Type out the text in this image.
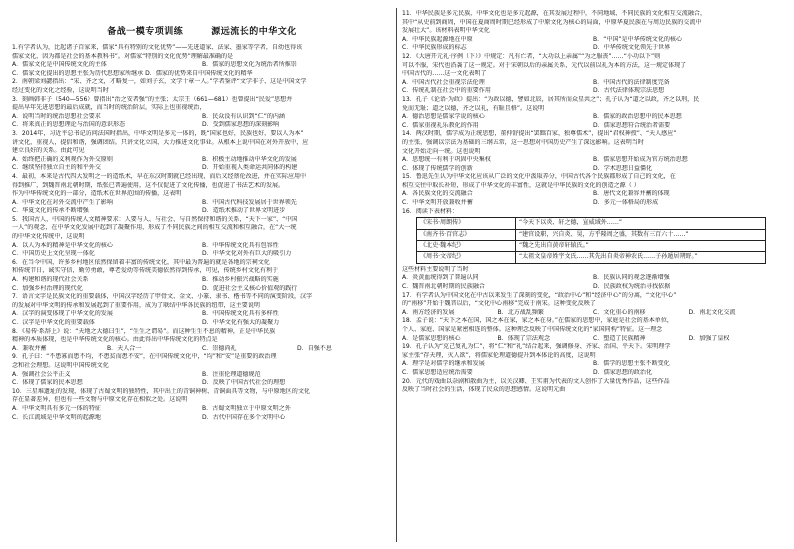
备战一模专项训练	源远流长的中华文化
1.有学者认为，比起诸子百家来，儒家“具有特别的文化优势”——先进道家、法家、墨家等学者，自幼也得该
儒家文化，因为都是社会的基本教科书”。对儒家“特别的文化优势”理解最准确的是
A．儒家文化是中国传统文化的主体	B．儒家的思想文化为统治者所推崇
C．儒家文化提出的思想主张为历代思想家所继承 D．儒家的优势来自中国传统文化的精华
2．南朝梁刘勰指出：“宋、齐之文，才略复一，如刘子玄，文学十章一人。”学者鉴评“文学非子、这是中国文学
经过变化的文化之经验，这说明当时
3．刻画韩非子（540—556）曾指出“治之安者强”的主张；太宗王（661—681）也曾提出“民爱”思想并
提出早年先进思想的最后成就，而当时的统治阶层，实际上也重视统治，
A．说明当时的统治思想社会要求	B．民众没有认识到“仁”的内涵
C．将来真正的思想理论与治国的意识形态	D．受到儒家思想的深刻影响
3．2014年，习近平总书记访问法国时指出，中华文明是多元一体的，既“国家也好，民族也好，要以人为本”
讲文化，重视人，提倡和谐，强调团结。只讲文化立国，大力推进文化事业。从根本上说中国在对外开放中，应
建立良好的关系。由此可见
A．始终把正确的义利观作为外交原则	B．积极主动地推动中华文化的发展
C．继续坚持独立自主的和平外交	D．开始重视人类命运共同体的构建
4．最初，本来是古代四大发明之一的造纸术，早在东汉时期就已经出现，而后又经蔡伦改进，并在实际应用中
得到推广，到魏晋南北朝时期，纸张已普遍使用，这不仅促进了文化传播，也促进了书法艺术的发展。
作为中华传统文化的一部分，造纸术在世界范围的传播，这表明
A．中华文化在对外交流中产生了影响	B．中国古代科技发展居于世界领先
C．华夏文化的传承不断增强	D．造纸术推动了世界文明进步
5．我国古人，中国的传统人文精神要求：人要与人、与社会、与自然保持和谐的关系，“天下一家”、“中国
一人”的观念，在中华文化发展中起到了凝聚作用，形成了不同民族之间的相互交流和相互融合，在“大一统
的中华文化传统中，这说明
A．以人为本的精神是中华文化的核心	B．中华传统文化具有包容性
C．中国历史上文化呈现一体化	D．中华文化对外有巨大的吸引力
6．在当今中国，许多乡村地区依然保留着丰富的传统文化，其中最为普遍的就是各地的宗祠文化
和传统节日，诚实守信，勤劳勇敢，尊老爱幼等传统美德依然得到传承，可见，传统乡村文化有利于
A．构建和谐的现代社会关系	B．推动乡村振兴战略的实施
C．加强乡村治理的现代化	D．促进社会主义核心价值观的践行
7．语言文字是民族文化的重要载体，中国汉字经历了甲骨文、金文、小篆、隶书、楷书等不同的演变阶段，汉字
的发展对中华文明的传承和发展起到了重要作用，成为了联结中华各民族的纽带，这主要说明
A．汉字的演变体现了中华文化的发展	B．中国传统文化具有多样性
C．汉字是中华文化的重要载体	D．中华文化有强大的凝聚力
8．《易传·系辞上》说：“天地之大德曰生”，“生生之谓易”。而这种生生不息的精神，正是中华民族
精神的本质体现，也是中华传统文化的核心。由此得出中华传统文化的特点是
A．兼收并蓄	B．天人合一	C．崇德尚礼	D．自强不息
9．孔子曰：“不患寡而患不均，不患贫而患不安”，在中国传统文化中，“均”和“安”是重要的政治理
念和社会理想。这说明中国传统文化
A．强调社会公平正义	B．注重伦理道德规范
C．体现了儒家的民本思想	D．反映了中国古代社会的理想
10．三星堆遗址的发现，体现了古蜀文明的独特性，其中出土的青铜神树、青铜面具等文物，与中原地区的文化
存在显著差异，但也有一些文物与中原文化存在相似之处。这说明
A．中华文明具有多元一体的特征	B．古蜀文明独立于中原文明之外
C．长江流域是中华文明的起源地	D．古代中国存在多个文明中心
11．中华民族是多元民族，中华文化也是多元起源，在其发展过程中，不同地域、不同民族的文化相互交流融合，
其中“从史前到商周，中国在夏商周时期已经形成了中原文化为核心的局面，中原华夏民族在与周边民族的交流中
发展壮大”。该材料表明中华文化
A．中华民族起源地在中原	B．“中国”是中华传统文化的核心
C．中华民族形成的标志	D．中华传统文化领先于世界
12．《大唐开元礼·序例（下）》中规定：凡有亡者，“大功以上亲属”“为之服丧”……“小功以下”则
可以不服，宋代也沿袭了这一规定。对于宋朝以后的亲属关系，元代以前以礼为本的方法，这一规定体现了
中国古代的……这一文化表明了
A．中国古代社会重视宗法伦理	B．中国古代的法律制度完备
C．传统礼制在社会中的重要作用	D．古代法律体现宗法思想
13．孔子《论语·为政》提出：“为政以德，譬如北辰，居其所而众星共之”；孔子认为“道之以政，齐之以刑，民
免而无耻；道之以德，齐之以礼，有耻且格”。这说明
A．德治思想是儒家学说的核心	B．儒家的政治思想中的民本思想
C．儒家重视礼乐教化的作用	D．儒家思想符合统治者需要
14．两汉时期，儒学成为正统思想，董仲舒提出“罢黜百家，独尊儒术”，提出“君权神授”、“天人感应”
的主张，强调以宗法为基础的三纲五常，这一思想对中国历史产生了深远影响。这表明当时
文化开始走向一统。这也说明
A．思想统一有利于巩固中央集权	B．儒家思想开始成为官方统治思想
C．体现了传统儒学的创新	D．学术思想日益僵化
15．鲁迅先生认为中华文化应该从广泛的文化中汲取养分，中国古代各个民族都形成了自己的文化，在
相互交往中取长补短，形成了中华文化的丰富性，这就是中华民族的文化的创造之源（ ）
A．各民族文化的交流融合	B．唐代文化兼容并蓄的体现
C．中华文明开放兼收并蓄	D．多元一体格局的形成
16．阅读下表材料：
《宋书·周朗传》	“今天下以炎、轩之德，宣威域外……”
《南齐书·百官志》	“建官设职，兴自炎、昊，方乎隆周之盛，其数有三百六十……”
《北史·魏本纪》	“魏之先出自黄帝轩辕氏。”
《周书·文帝纪》	“太祖文皇帝姓宇文氏……其先出自炎帝神农氏……子孙遁居朔野。”
这些材料主要说明了当时
A．炎黄血统得到了普遍认同	B．民族认同的观念逐渐增强
C．魏晋南北朝时期的民族融合	D．民族政权为统治寻找依据
17．有学者认为中国文化在中古以来发生了深刻的变化，“政治中心”和“经济中心”的分离，“文化中心”
的“南移”开始于魏晋以后，“文化中心南移”完成于南宋。这种变化反映了
A．南方经济的发展	B．北方战乱频繁	C．文化重心的南移	D．南北文化交流
18．孟子说：“天下之本在国，国之本在家，家之本在身。”在儒家的思想中，家庭是社会的基本单位，
个人、家庭、国家是紧密相连的整体。这种理念反映了中国传统文化的“家国同构”特征。这一理念
A．是儒家思想的核心	B．体现了宗法观念	C．塑造了民族精神	D．加强了皇权
19．孔子认为“克己复礼为仁”，将“仁”和“礼”结合起来，强调修身、齐家、治国、平天下。宋明理学
家主张“存天理，灭人欲”，将儒家伦理道德提升到本体论的高度，这说明
A．理学是对儒学的继承和发展	B．儒学的思想主张不断变化
C．儒家思想适应统治需要	D．儒家思想的政治化
20．元代的戏曲以杂剧和散曲为主，以关汉卿、王实甫为代表的文人创作了大量优秀作品，这些作品
反映了当时社会的生活，体现了民众的思想感情。这说明元曲
